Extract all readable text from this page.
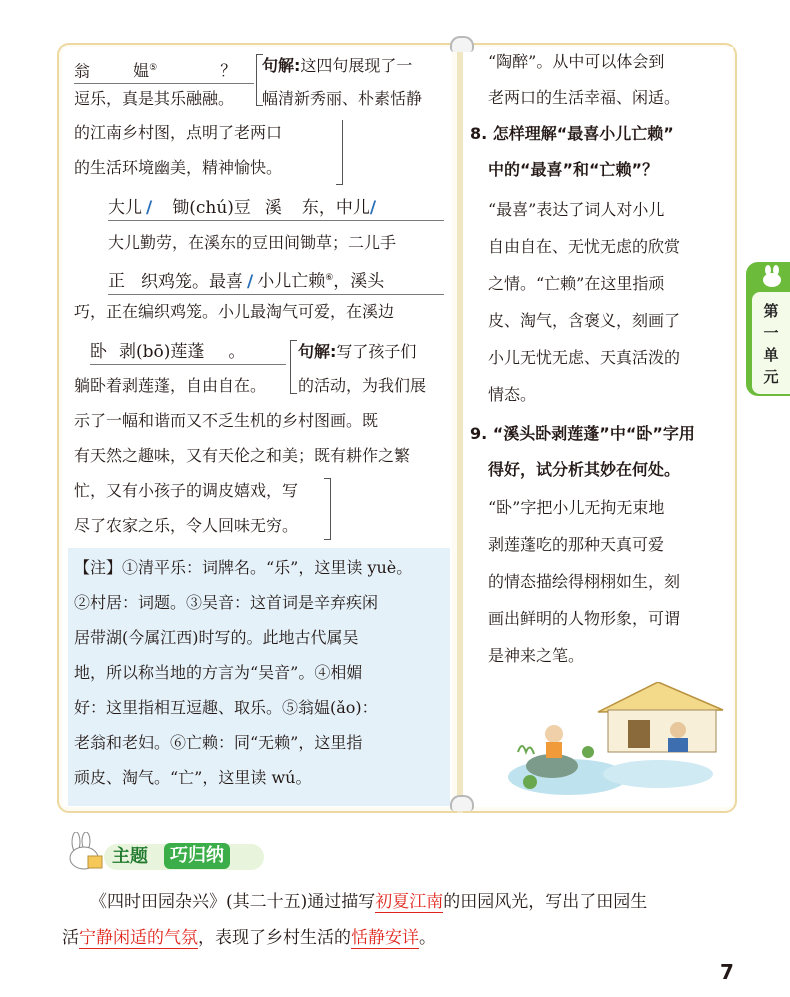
翁	媪⑤	？
逗乐，真是其乐融融。
句解:这四句展现了一
幅清新秀丽、朴素恬静
的江南乡村图，点明了老两口
的生活环境幽美，精神愉快。
大儿 / 锄(chú)豆 溪 东，中儿/
大儿勤劳，在溪东的豆田间锄草；二儿手
正 织鸡笼。最喜 / 小儿亡赖⑥，溪头
巧，正在编织鸡笼。小儿最淘气可爱，在溪边
卧 剥(bō)莲蓬 。
躺卧着剥莲蓬，自由自在。
句解:写了孩子们
的活动，为我们展
示了一幅和谐而又不乏生机的乡村图画。既
有天然之趣味，又有天伦之和美；既有耕作之繁
忙，又有小孩子的调皮嬉戏，写
尽了农家之乐，令人回味无穷。
【注】①清平乐：词牌名。“乐”，这里读 yuè。
②村居：词题。③吴音：这首词是辛弃疾闲
居带湖(今属江西)时写的。此地古代属吴
地，所以称当地的方言为“吴音”。④相媚
好：这里指相互逗趣、取乐。⑤翁媪(ǎo)：
老翁和老妇。⑥亡赖：同“无赖”，这里指
顽皮、淘气。“亡”，这里读 wú。
“陶醉”。从中可以体会到
老两口的生活幸福、闲适。
8. 怎样理解“最喜小儿亡赖”
中的“最喜”和“亡赖”？
“最喜”表达了词人对小儿
自由自在、无忧无虑的欣赏
之情。“亡赖”在这里指顽
皮、淘气，含褒义，刻画了
小儿无忧无虑、天真活泼的
情态。
9. “溪头卧剥莲蓬”中“卧”字用
得好，试分析其妙在何处。
“卧”字把小儿无拘无束地
剥莲蓬吃的那种天真可爱
的情态描绘得栩栩如生，刻
画出鲜明的人物形象，可谓
是神来之笔。
第
一
单
元
主题	巧归纳
《四时田园杂兴》(其二十五)通过描写初夏江南的田园风光，写出了田园生
活宁静闲适的气氛，表现了乡村生活的恬静安详。
7
